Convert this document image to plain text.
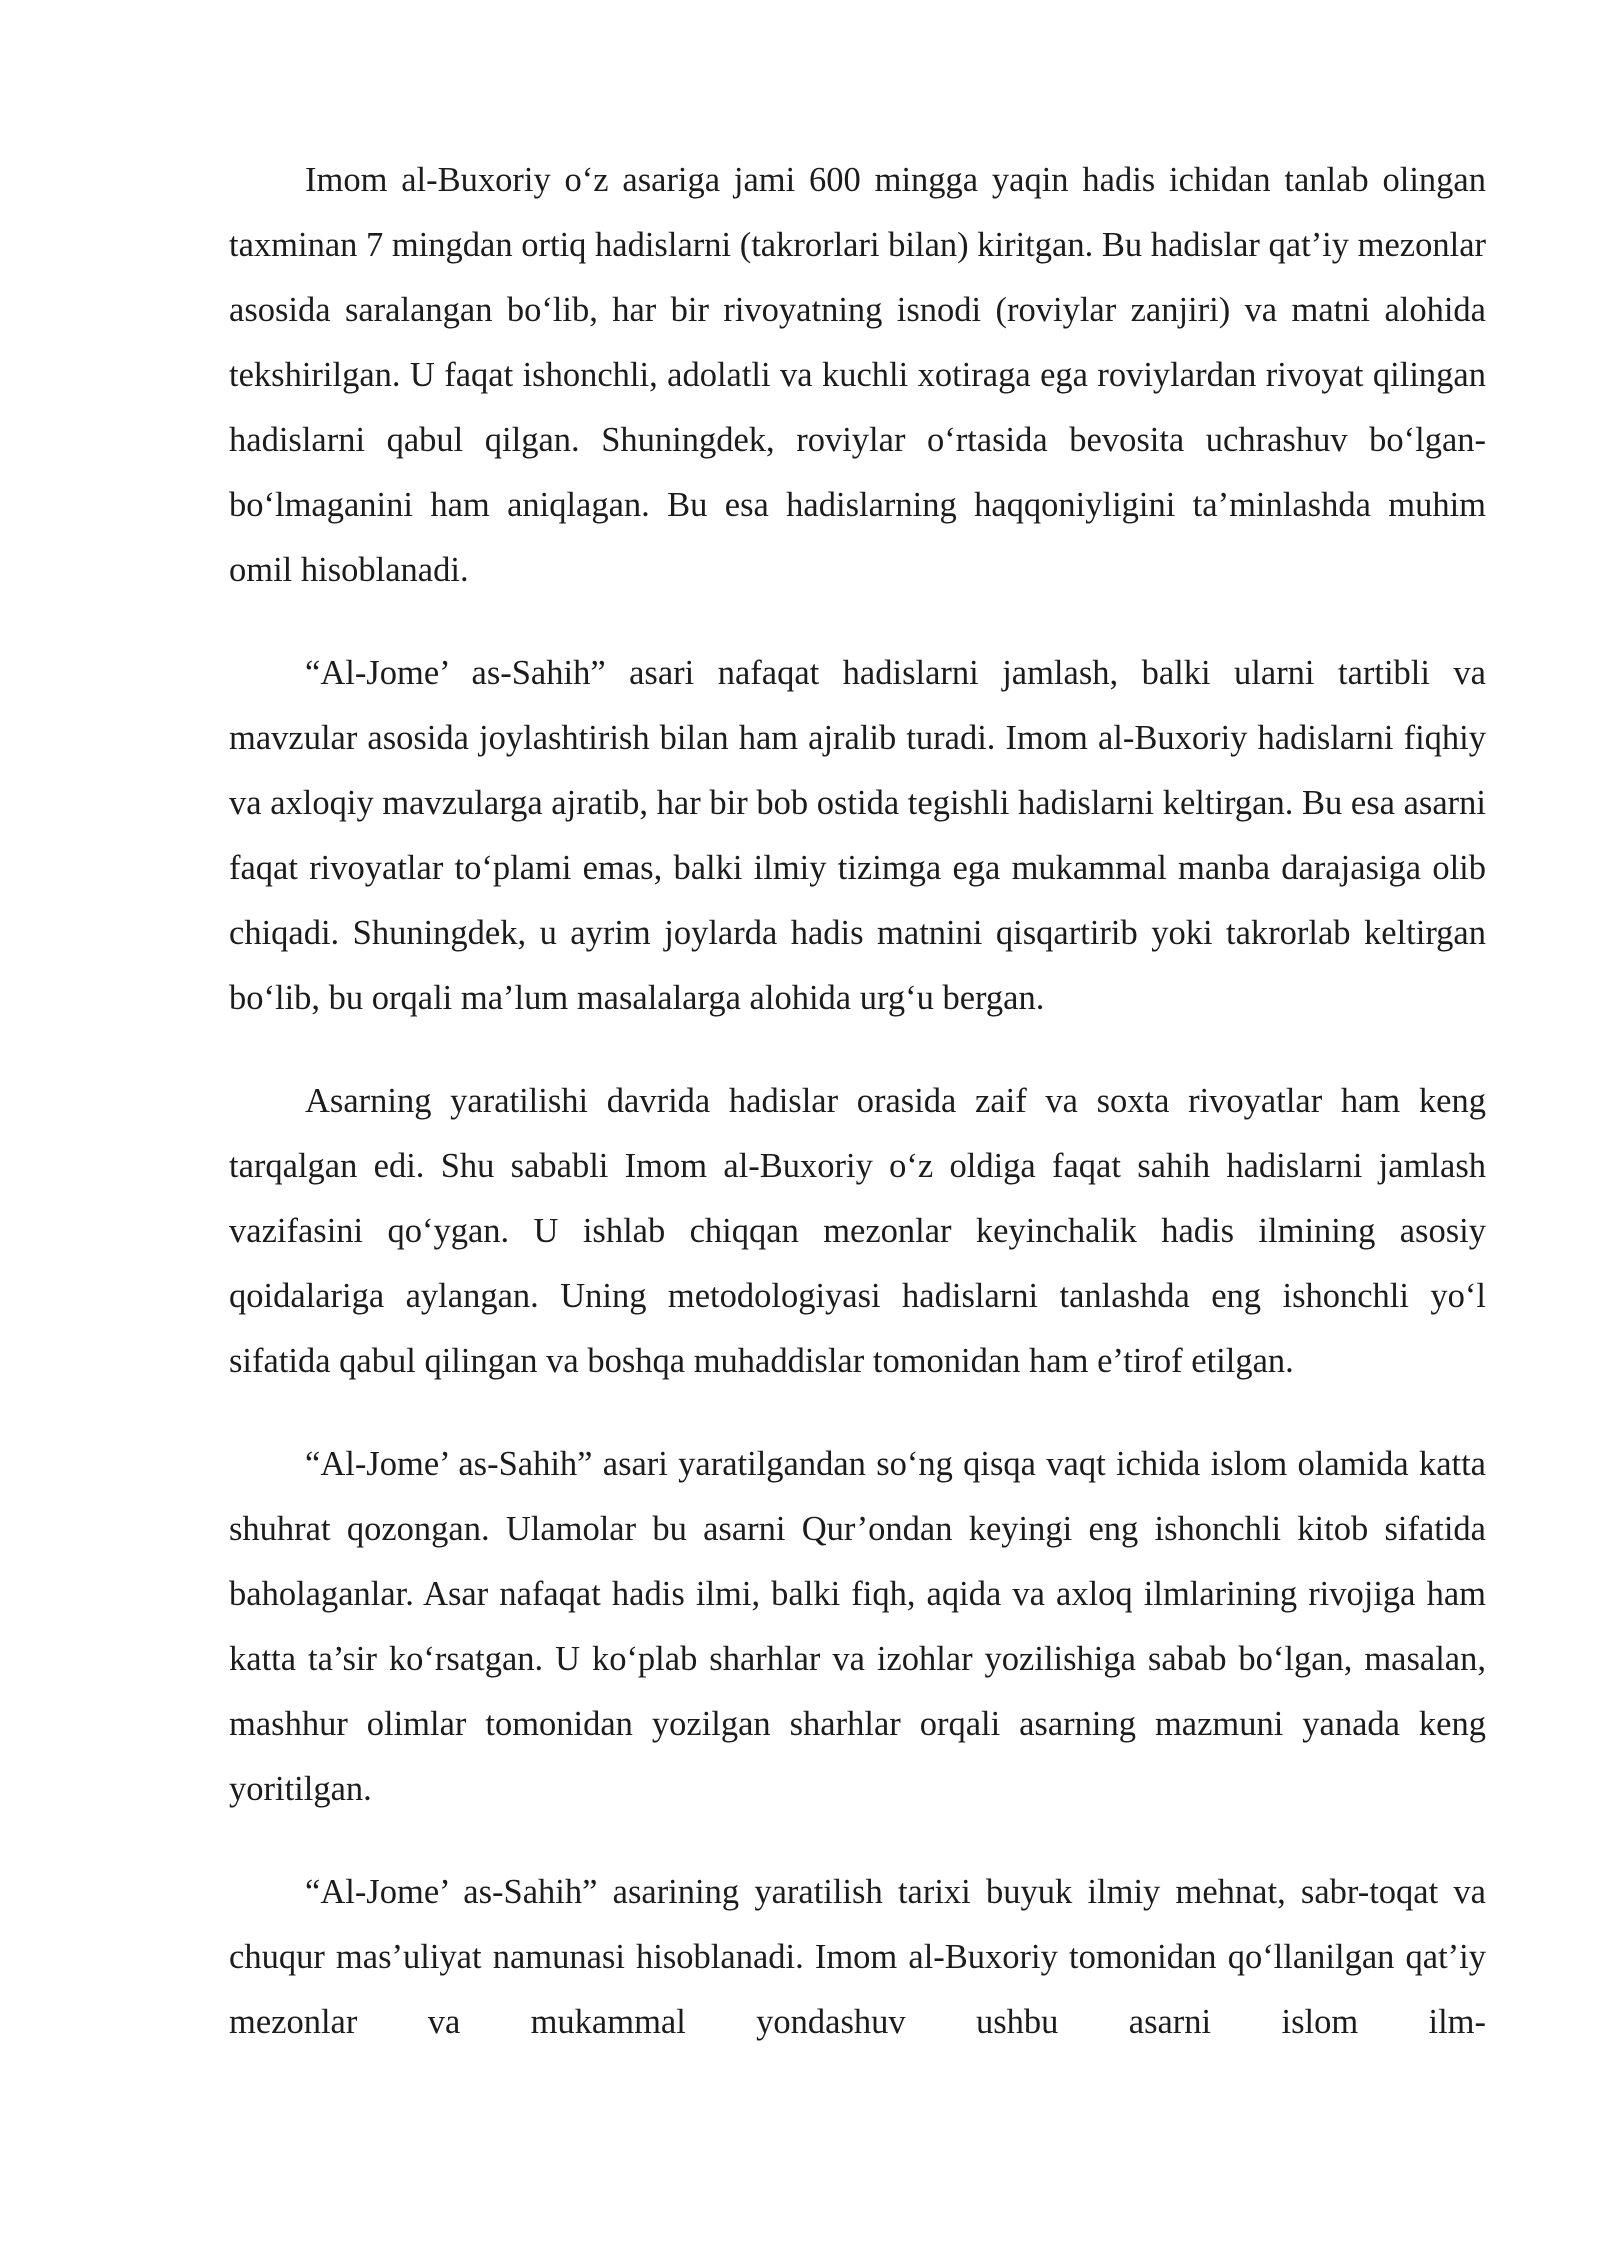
Imom al-Buxoriy o‘z asariga jami 600 mingga yaqin hadis ichidan tanlab olingan taxminan 7 mingdan ortiq hadislarni (takrorlari bilan) kiritgan. Bu hadislar qat’iy mezonlar asosida saralangan bo‘lib, har bir rivoyatning isnodi (roviylar zanjiri) va matni alohida tekshirilgan. U faqat ishonchli, adolatli va kuchli xotiraga ega roviylardan rivoyat qilingan hadislarni qabul qilgan. Shuningdek, roviylar o‘rtasida bevosita uchrashuv bo‘lgan-bo‘lmaganini ham aniqlagan. Bu esa hadislarning haqqoniyligini ta’minlashda muhim omil hisoblanadi.

“Al-Jome’ as-Sahih” asari nafaqat hadislarni jamlash, balki ularni tartibli va mavzular asosida joylashtirish bilan ham ajralib turadi. Imom al-Buxoriy hadislarni fiqhiy va axloqiy mavzularga ajratib, har bir bob ostida tegishli hadislarni keltirgan. Bu esa asarni faqat rivoyatlar to‘plami emas, balki ilmiy tizimga ega mukammal manba darajasiga olib chiqadi. Shuningdek, u ayrim joylarda hadis matnini qisqartirib yoki takrorlab keltirgan bo‘lib, bu orqali ma’lum masalalarga alohida urg‘u bergan.

Asarning yaratilishi davrida hadislar orasida zaif va soxta rivoyatlar ham keng tarqalgan edi. Shu sababli Imom al-Buxoriy o‘z oldiga faqat sahih hadislarni jamlash vazifasini qo‘ygan. U ishlab chiqqan mezonlar keyinchalik hadis ilmining asosiy qoidalariga aylangan. Uning metodologiyasi hadislarni tanlashda eng ishonchli yo‘l sifatida qabul qilingan va boshqa muhaddislar tomonidan ham e’tirof etilgan.

“Al-Jome’ as-Sahih” asari yaratilgandan so‘ng qisqa vaqt ichida islom olamida katta shuhrat qozongan. Ulamolar bu asarni Qur’ondan keyingi eng ishonchli kitob sifatida baholaganlar. Asar nafaqat hadis ilmi, balki fiqh, aqida va axloq ilmlarining rivojiga ham katta ta’sir ko‘rsatgan. U ko‘plab sharhlar va izohlar yozilishiga sabab bo‘lgan, masalan, mashhur olimlar tomonidan yozilgan sharhlar orqali asarning mazmuni yanada keng yoritilgan.

“Al-Jome’ as-Sahih” asarining yaratilish tarixi buyuk ilmiy mehnat, sabr-toqat va chuqur mas’uliyat namunasi hisoblanadi. Imom al-Buxoriy tomonidan qo‘llanilgan qat’iy mezonlar va mukammal yondashuv ushbu asarni islom ilm-
